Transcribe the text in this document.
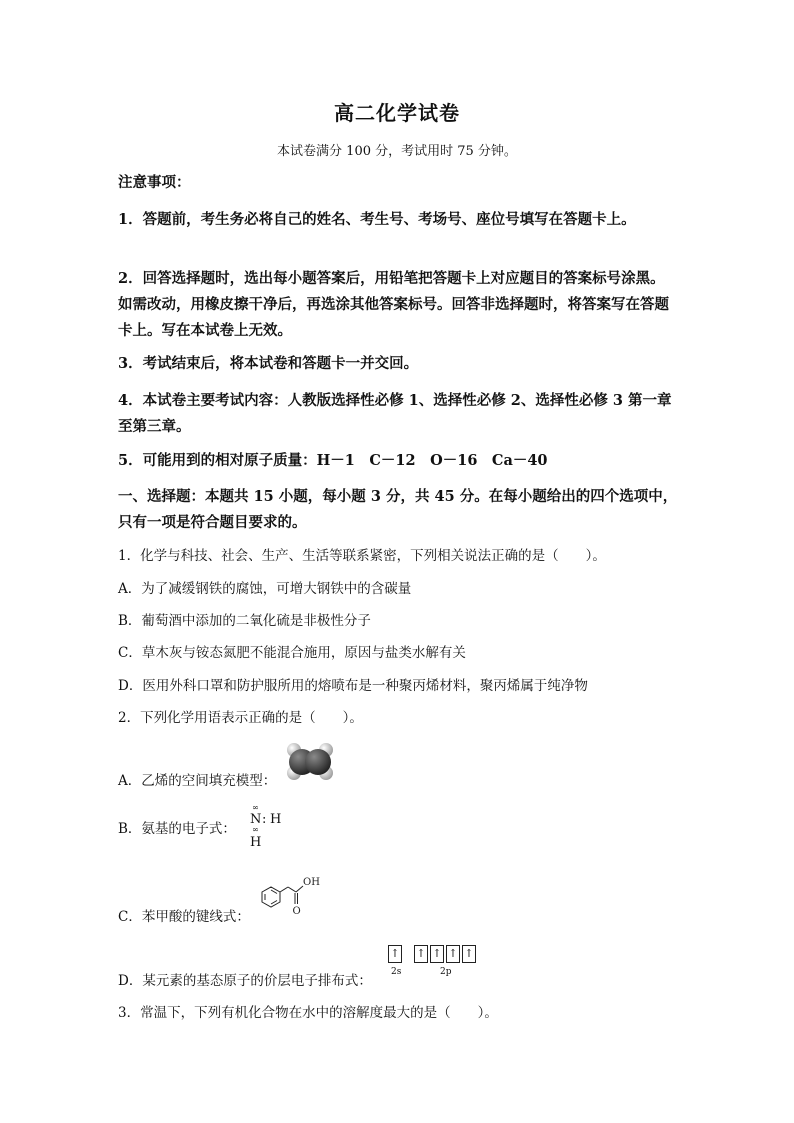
高二化学试卷
本试卷满分 100 分，考试用时 75 分钟。
注意事项：
1．答题前，考生务必将自己的姓名、考生号、考场号、座位号填写在答题卡上。
2．回答选择题时，选出每小题答案后，用铅笔把答题卡上对应题目的答案标号涂黑。如需改动，用橡皮擦干净后，再选涂其他答案标号。回答非选择题时，将答案写在答题卡上。写在本试卷上无效。
3．考试结束后，将本试卷和答题卡一并交回。
4．本试卷主要考试内容：人教版选择性必修 1、选择性必修 2、选择性必修 3 第一章至第三章。
5．可能用到的相对原子质量：H－1　C－12　O－16　Ca－40
一、选择题：本题共 15 小题，每小题 3 分，共 45 分。在每小题给出的四个选项中，只有一项是符合题目要求的。
1．化学与科技、社会、生产、生活等联系紧密，下列相关说法正确的是（　　）。
A．为了减缓钢铁的腐蚀，可增大钢铁中的含碳量
B．葡萄酒中添加的二氧化硫是非极性分子
C．草木灰与铵态氮肥不能混合施用，原因与盐类水解有关
D．医用外科口罩和防护服所用的熔喷布是一种聚丙烯材料，聚丙烯属于纯净物
2．下列化学用语表示正确的是（　　）。
A．乙烯的空间填充模型：
B．氨基的电子式：
∞
N : H
∞
H
C．苯甲酸的键线式：
OH
O
D．某元素的基态原子的价层电子排布式：
↑ ↑ ↑ ↑ ↑
2s	2p
3．常温下，下列有机化合物在水中的溶解度最大的是（　　）。
